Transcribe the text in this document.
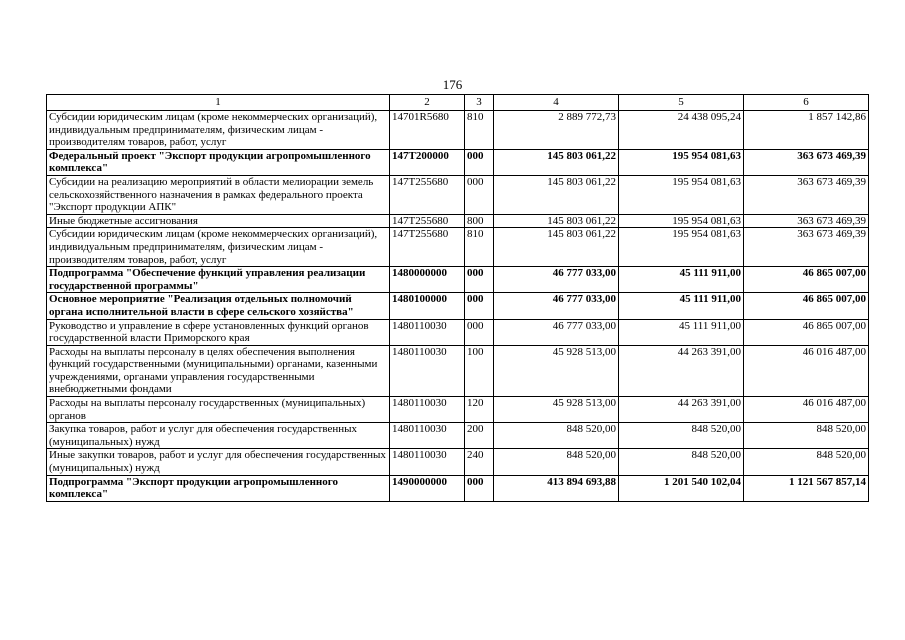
176
1	2	3	4	5	6
Субсидии юридическим лицам (кроме некоммерческих организаций), индивидуальным предпринимателям, физическим лицам - производителям товаров, работ, услуг	14701R5680	810	2 889 772,73	24 438 095,24	1 857 142,86
Федеральный проект "Экспорт продукции агропромышленного комплекса"	147Т200000	000	145 803 061,22	195 954 081,63	363 673 469,39
Субсидии на реализацию мероприятий в области мелиорации земель сельскохозяйственного назначения в рамках федерального проекта "Экспорт продукции АПК"	147Т255680	000	145 803 061,22	195 954 081,63	363 673 469,39
Иные бюджетные ассигнования	147Т255680	800	145 803 061,22	195 954 081,63	363 673 469,39
Субсидии юридическим лицам (кроме некоммерческих организаций), индивидуальным предпринимателям, физическим лицам - производителям товаров, работ, услуг	147Т255680	810	145 803 061,22	195 954 081,63	363 673 469,39
Подпрограмма "Обеспечение функций управления реализации государственной программы"	1480000000	000	46 777 033,00	45 111 911,00	46 865 007,00
Основное мероприятие "Реализация отдельных полномочий органа исполнительной власти в сфере сельского хозяйства"	1480100000	000	46 777 033,00	45 111 911,00	46 865 007,00
Руководство и управление в сфере установленных функций органов государственной власти Приморского края	1480110030	000	46 777 033,00	45 111 911,00	46 865 007,00
Расходы на выплаты персоналу в целях обеспечения выполнения функций государственными (муниципальными) органами, казенными учреждениями, органами управления государственными внебюджетными фондами	1480110030	100	45 928 513,00	44 263 391,00	46 016 487,00
Расходы на выплаты персоналу государственных (муниципальных) органов	1480110030	120	45 928 513,00	44 263 391,00	46 016 487,00
Закупка товаров, работ и услуг для обеспечения государственных (муниципальных) нужд	1480110030	200	848 520,00	848 520,00	848 520,00
Иные закупки товаров, работ и услуг для обеспечения государственных (муниципальных) нужд	1480110030	240	848 520,00	848 520,00	848 520,00
Подпрограмма "Экспорт продукции агропромышленного комплекса"	1490000000	000	413 894 693,88	1 201 540 102,04	1 121 567 857,14
